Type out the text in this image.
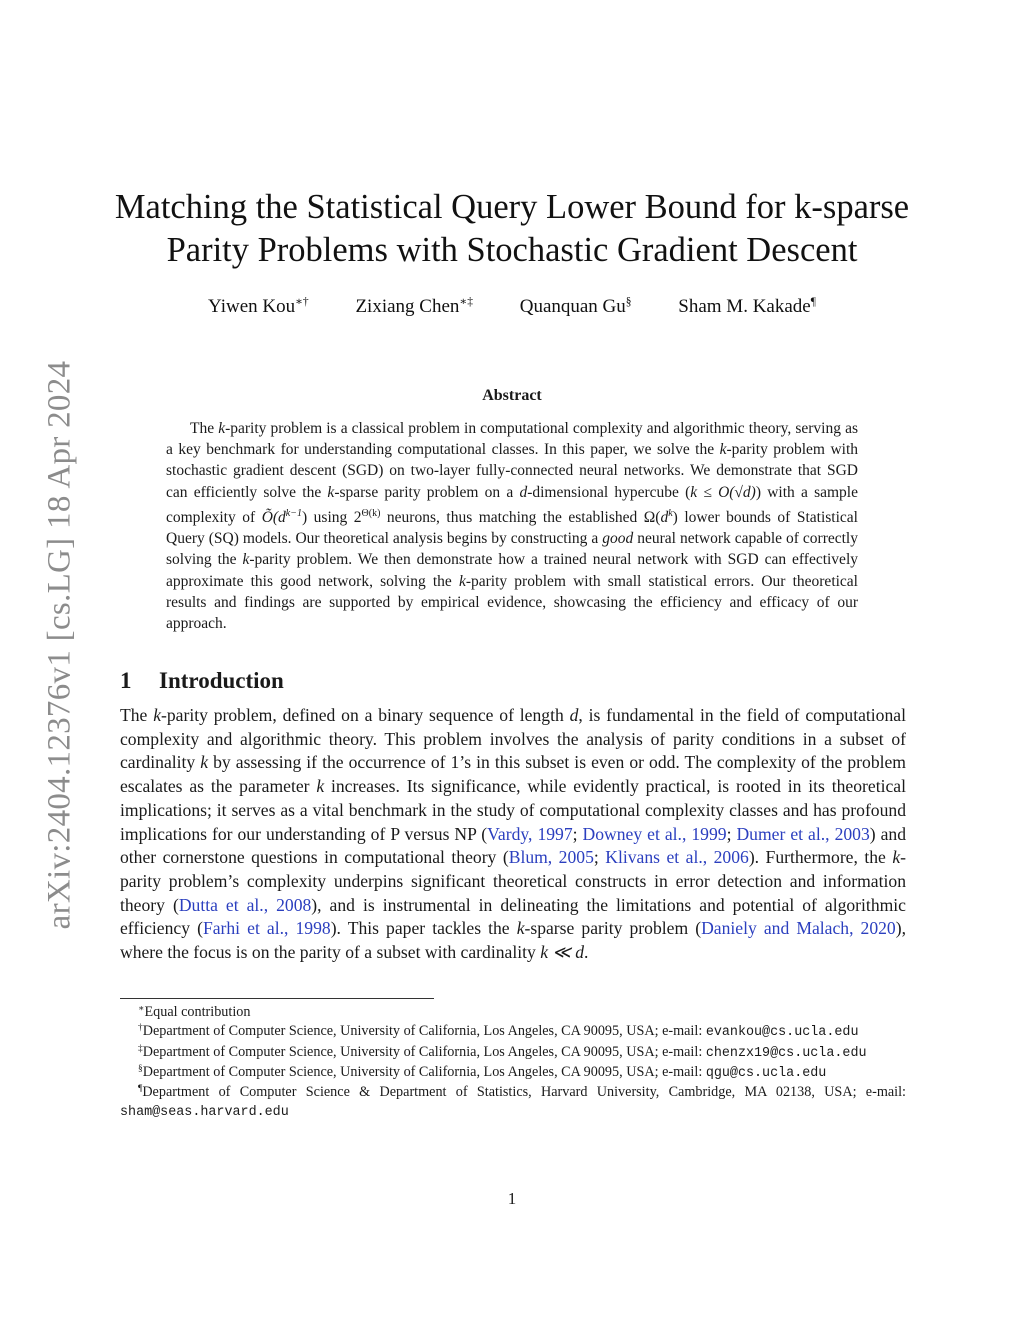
arXiv:2404.12376v1 [cs.LG] 18 Apr 2024
Matching the Statistical Query Lower Bound for k-sparse
Parity Problems with Stochastic Gradient Descent
Yiwen Kou∗† Zixiang Chen∗‡ Quanquan Gu§ Sham M. Kakade¶
Abstract

The k-parity problem is a classical problem in computational complexity and algorithmic theory, serving as a key benchmark for understanding computational classes. In this paper, we solve the k-parity problem with stochastic gradient descent (SGD) on two-layer fully-connected neural networks. We demonstrate that SGD can efficiently solve the k-sparse parity problem on a d-dimensional hypercube (k ≤ O(√d)) with a sample complexity of $Õ(d^{k-1})$ using $2^{\Theta(k)}$ neurons, thus matching the established $\Omega(d^k)$ lower bounds of Statistical Query (SQ) models. Our theoretical analysis begins by constructing a good neural network capable of correctly solving the k-parity problem. We then demonstrate how a trained neural network with SGD can effectively approximate this good network, solving the k-parity problem with small statistical errors. Our theoretical results and findings are supported by empirical evidence, showcasing the efficiency and efficacy of our approach.

1 Introduction

The k-parity problem, defined on a binary sequence of length d, is fundamental in the field of computational complexity and algorithmic theory. This problem involves the analysis of parity conditions in a subset of cardinality k by assessing if the occurrence of 1’s in this subset is even or odd. The complexity of the problem escalates as the parameter k increases. Its significance, while evidently practical, is rooted in its theoretical implications; it serves as a vital benchmark in the study of computational complexity classes and has profound implications for our understanding of P versus NP (Vardy, 1997; Downey et al., 1999; Dumer et al., 2003) and other cornerstone questions in computational theory (Blum, 2005; Klivans et al., 2006). Furthermore, the k-parity problem’s complexity underpins significant theoretical constructs in error detection and information theory (Dutta et al., 2008), and is instrumental in delineating the limitations and potential of algorithmic efficiency (Farhi et al., 1998). This paper tackles the k-sparse parity problem (Daniely and Malach, 2020), where the focus is on the parity of a subset with cardinality k ≪ d.

∗Equal contribution

†Department of Computer Science, University of California, Los Angeles, CA 90095, USA; e-mail: evankou@cs.ucla.edu

‡Department of Computer Science, University of California, Los Angeles, CA 90095, USA; e-mail: chenzx19@cs.ucla.edu

§Department of Computer Science, University of California, Los Angeles, CA 90095, USA; e-mail: qgu@cs.ucla.edu

¶Department of Computer Science & Department of Statistics, Harvard University, Cambridge, MA 02138, USA; e-mail: sham@seas.harvard.edu

1
